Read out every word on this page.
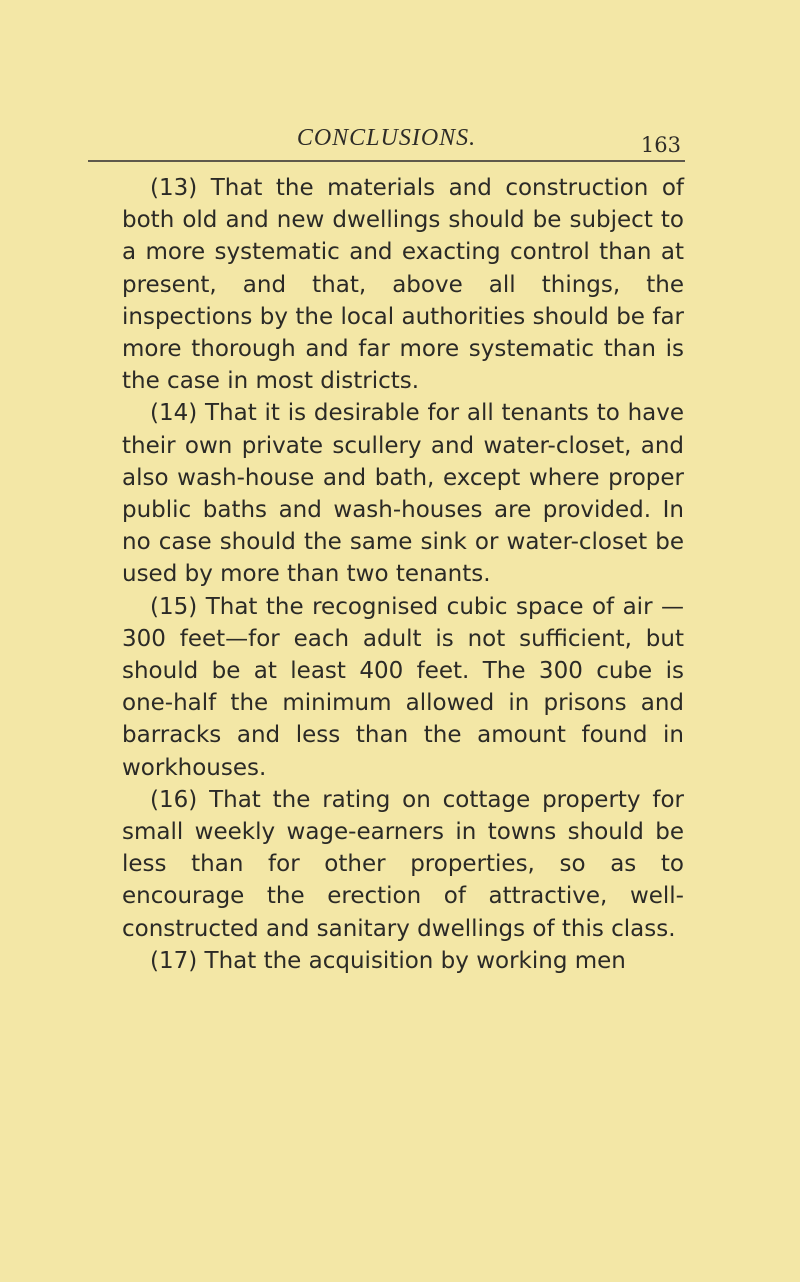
CONCLUSIONS.	163

(13) That the materials and construction of both old and new dwellings should be subject to a more systematic and exacting control than at present, and that, above all things, the inspections by the local authorities should be far more thorough and far more systematic than is the case in most districts.

(14) That it is desirable for all tenants to have their own private scullery and water-closet, and also wash-house and bath, except where proper public baths and wash-houses are provided. In no case should the same sink or water-closet be used by more than two tenants.

(15) That the recognised cubic space of air —300 feet—for each adult is not sufficient, but should be at least 400 feet. The 300 cube is one-half the minimum allowed in prisons and barracks and less than the amount found in workhouses.

(16) That the rating on cottage property for small weekly wage-earners in towns should be less than for other properties, so as to encourage the erection of attractive, well-constructed and sanitary dwellings of this class.

(17) That the acquisition by working men
